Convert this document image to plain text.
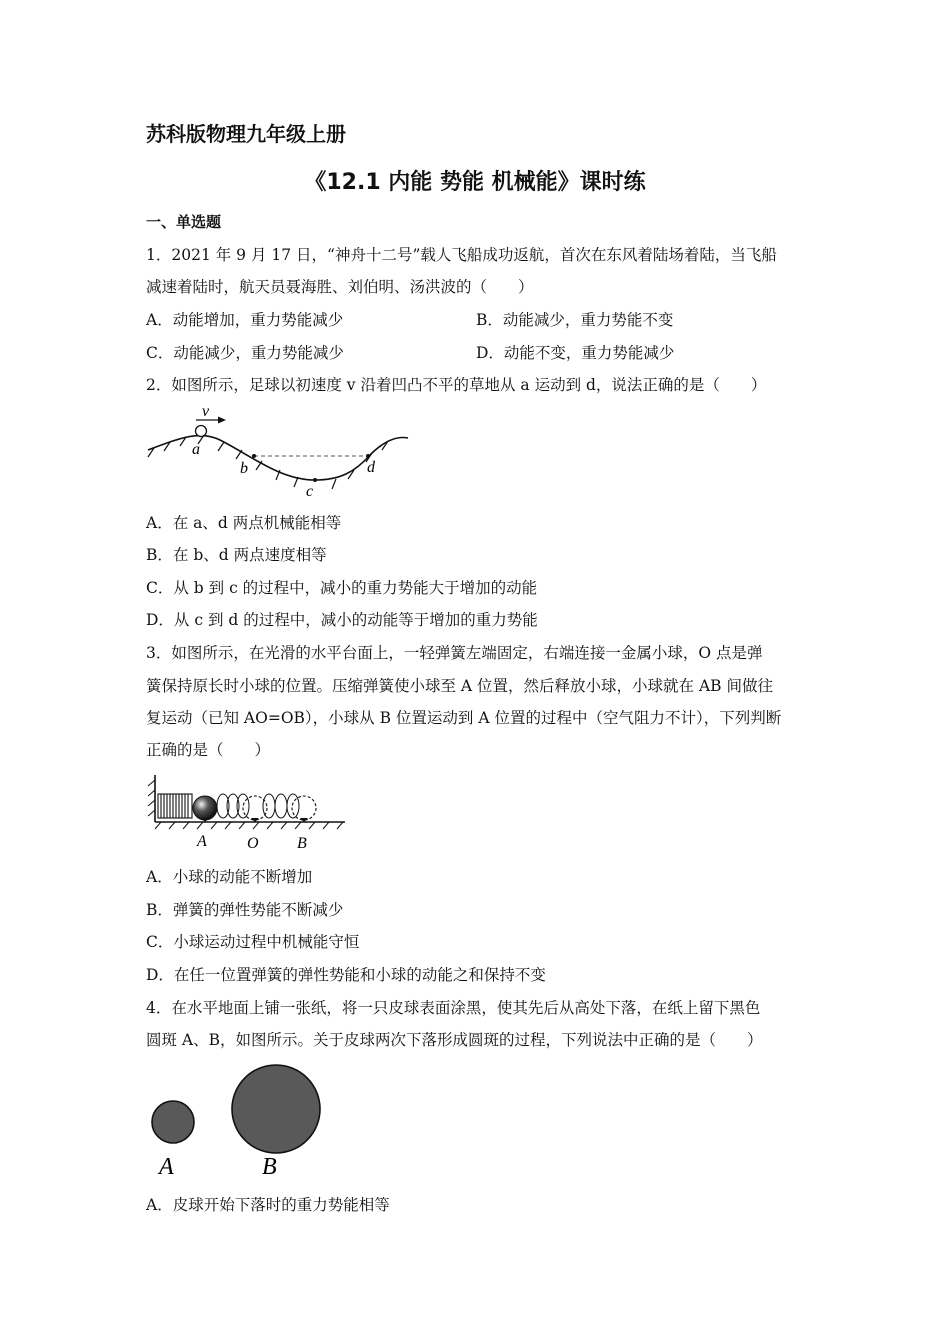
苏科版物理九年级上册
《12.1 内能 势能 机械能》课时练
一、单选题
1．2021 年 9 月 17 日，“神舟十二号”载人飞船成功返航，首次在东风着陆场着陆，当飞船
减速着陆时，航天员聂海胜、刘伯明、汤洪波的（　　）
A．动能增加，重力势能减少	B．动能减少，重力势能不变
C．动能减少，重力势能减少	D．动能不变，重力势能减少
2．如图所示，足球以初速度 v 沿着凹凸不平的草地从 a 运动到 d，说法正确的是（　　）
v
a
b
c
d
A．在 a、d 两点机械能相等
B．在 b、d 两点速度相等
C．从 b 到 c 的过程中，减小的重力势能大于增加的动能
D．从 c 到 d 的过程中，减小的动能等于增加的重力势能
3．如图所示，在光滑的水平台面上，一轻弹簧左端固定，右端连接一金属小球，O 点是弹
簧保持原长时小球的位置。压缩弹簧使小球至 A 位置，然后释放小球，小球就在 AB 间做往
复运动（已知 AO=OB），小球从 B 位置运动到 A 位置的过程中（空气阻力不计），下列判断
正确的是（　　）
A	O B
A．小球的动能不断增加
B．弹簧的弹性势能不断减少
C．小球运动过程中机械能守恒
D．在任一位置弹簧的弹性势能和小球的动能之和保持不变
4．在水平地面上铺一张纸，将一只皮球表面涂黑，使其先后从高处下落，在纸上留下黑色
圆斑 A、B，如图所示。关于皮球两次下落形成圆斑的过程，下列说法中正确的是（　　）
A	B
A．皮球开始下落时的重力势能相等
